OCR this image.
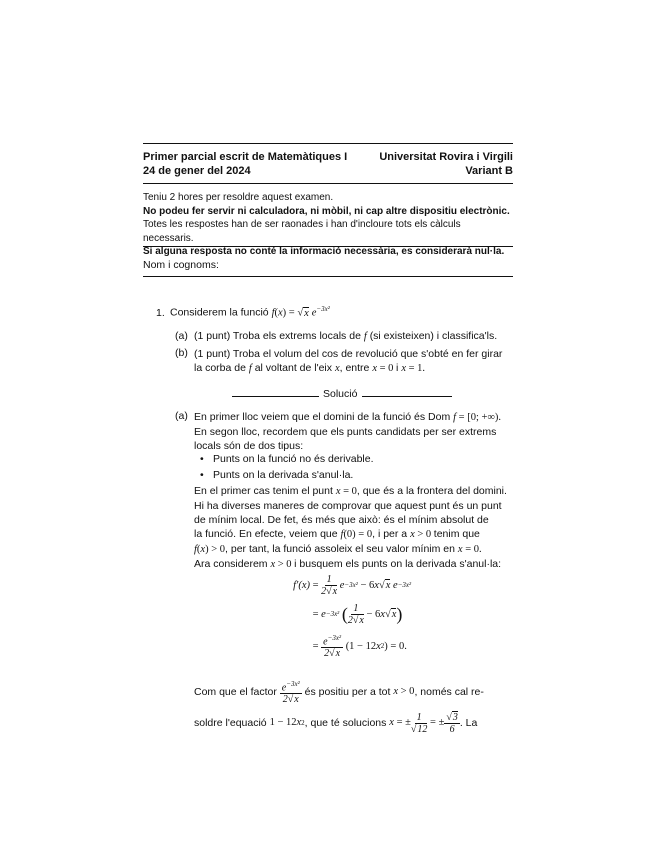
Primer parcial escrit de Matemàtiques I
24 de gener del 2024
Universitat Rovira i Virgili
Variant B
Teniu 2 hores per resoldre aquest examen.
No podeu fer servir ni calculadora, ni mòbil, ni cap altre dispositiu electrònic.
Totes les respostes han de ser raonades i han d'incloure tots els càlculs necessaris.
Si alguna resposta no conté la informació necessària, es considerarà nul·la.
Nom i cognoms:
1. Considerem la funció f(x) = √x $e^{-3x^2}$
(a) (1 punt) Troba els extrems locals de f (si existeixen) i classifica'ls.
(b) (1 punt) Troba el volum del cos de revolució que s'obté en fer girar
la corba de f al voltant de l'eix x, entre x = 0 i x = 1.
Solució
(a) En primer lloc veiem que el domini de la funció és Dom f = [0; +∞).
En segon lloc, recordem que els punts candidats per ser extrems
locals són de dos tipus:
• Punts on la funció no és derivable.
• Punts on la derivada s'anul·la.
En el primer cas tenim el punt x = 0, que és a la frontera del domini.
Hi ha diverses maneres de comprovar que aquest punt és un punt
de mínim local. De fet, és més que això: és el mínim absolut de
la funció. En efecte, veiem que f(0) = 0, i per a x > 0 tenim que
f(x) > 0, per tant, la funció assoleix el seu valor mínim en x = 0.
Ara considerem x > 0 i busquem els punts on la derivada s'anul·la:
$f'(x) = \frac{1}{2√x}$
e −3x² − 6 x √ x
e −3x²
= e −3x²
( $\frac{1}{2√x} - 6$ x √ x )
= $\frac{e^{-3x^2}}{2√x} (1 - 12$ x 2 ) = 0.
Com que el factor
$\frac{e^{-3x^2}}{2√x}$
és positiu per a tot
x > 0 , només cal re-
soldre l'equació
1 − 12 x 2 , que té solucions
x = ± $\frac{1}{√12}$ = ± $\frac{√3}{6}$ . La
